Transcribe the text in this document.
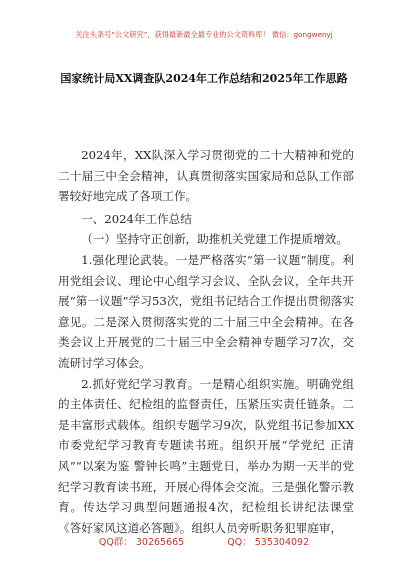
关注头条号“公文研究”，获得最新最全最专业的公文资料库！ 微信：gongwenyj
国家统计局XX调查队2024年工作总结和2025年工作思路

2024年，XX队深入学习贯彻党的二十大精神和党的二十届三中全会精神，认真贯彻落实国家局和总队工作部署较好地完成了各项工作。

一、2024年工作总结

（一）坚持守正创新，助推机关党建工作提质增效。

1.强化理论武装。一是严格落实“第一议题”制度。利用党组会议、理论中心组学习会议、全队会议，全年共开展“第一议题”学习53次，党组书记结合工作提出贯彻落实意见。二是深入贯彻落实党的二十届三中全会精神。在各类会议上开展党的二十届三中全会精神专题学习7次，交流研讨学习体会。

2.抓好党纪学习教育。一是精心组织实施。明确党组的主体责任、纪检组的监督责任，压紧压实责任链条。二是丰富形式载体。组织专题学习9次，队党组书记参加XX市委党纪学习教育专题读书班。组织开展“学党纪 正清风”“以案为鉴 警钟长鸣”主题党日，举办为期一天半的党纪学习教育读书班，开展心得体会交流。三是强化警示教育。传达学习典型问题通报4次，纪检组长讲纪法课堂《答好家风这道必答题》。组织人员旁听职务犯罪庭审，

QQ群： 30265665	QQ： 535304092
